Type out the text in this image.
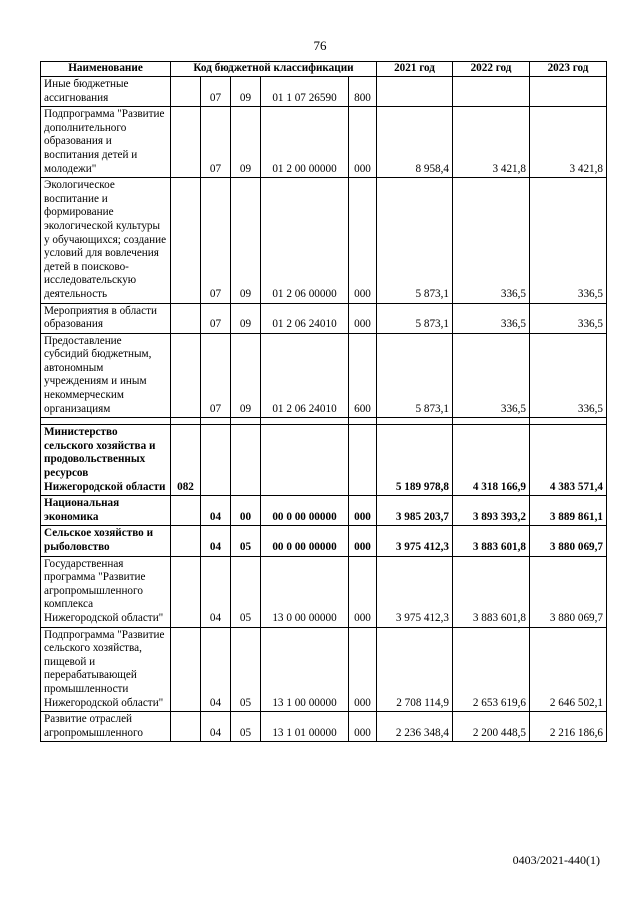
76
Наименование	Код бюджетной классификации					2021 год	2022 год	2023 год
Иные бюджетные ассигнования		07	09	01 1 07 26590	800			
Подпрограмма "Развитие дополнительного образования и воспитания детей и молодежи"		07	09	01 2 00 00000	000	8 958,4	3 421,8	3 421,8
Экологическое воспитание и формирование экологической культуры у обучающихся; создание условий для вовлечения детей в поисково-исследовательскую деятельность		07	09	01 2 06 00000	000	5 873,1	336,5	336,5
Мероприятия в области образования		07	09	01 2 06 24010	000	5 873,1	336,5	336,5
Предоставление субсидий бюджетным, автономным учреждениям и иным некоммерческим организациям		07	09	01 2 06 24010	600	5 873,1	336,5	336,5

Министерство сельского хозяйства и продовольственных ресурсов Нижегородской области	082					5 189 978,8	4 318 166,9	4 383 571,4
Национальная экономика		04	00	00 0 00 00000	000	3 985 203,7	3 893 393,2	3 889 861,1
Сельское хозяйство и рыболовство		04	05	00 0 00 00000	000	3 975 412,3	3 883 601,8	3 880 069,7
Государственная программа "Развитие агропромышленного комплекса Нижегородской области"		04	05	13 0 00 00000	000	3 975 412,3	3 883 601,8	3 880 069,7
Подпрограмма "Развитие сельского хозяйства, пищевой и перерабатывающей промышленности Нижегородской области"		04	05	13 1 00 00000	000	2 708 114,9	2 653 619,6	2 646 502,1
Развитие отраслей агропромышленного		04	05	13 1 01 00000	000	2 236 348,4	2 200 448,5	2 216 186,6
0403/2021-440(1)
